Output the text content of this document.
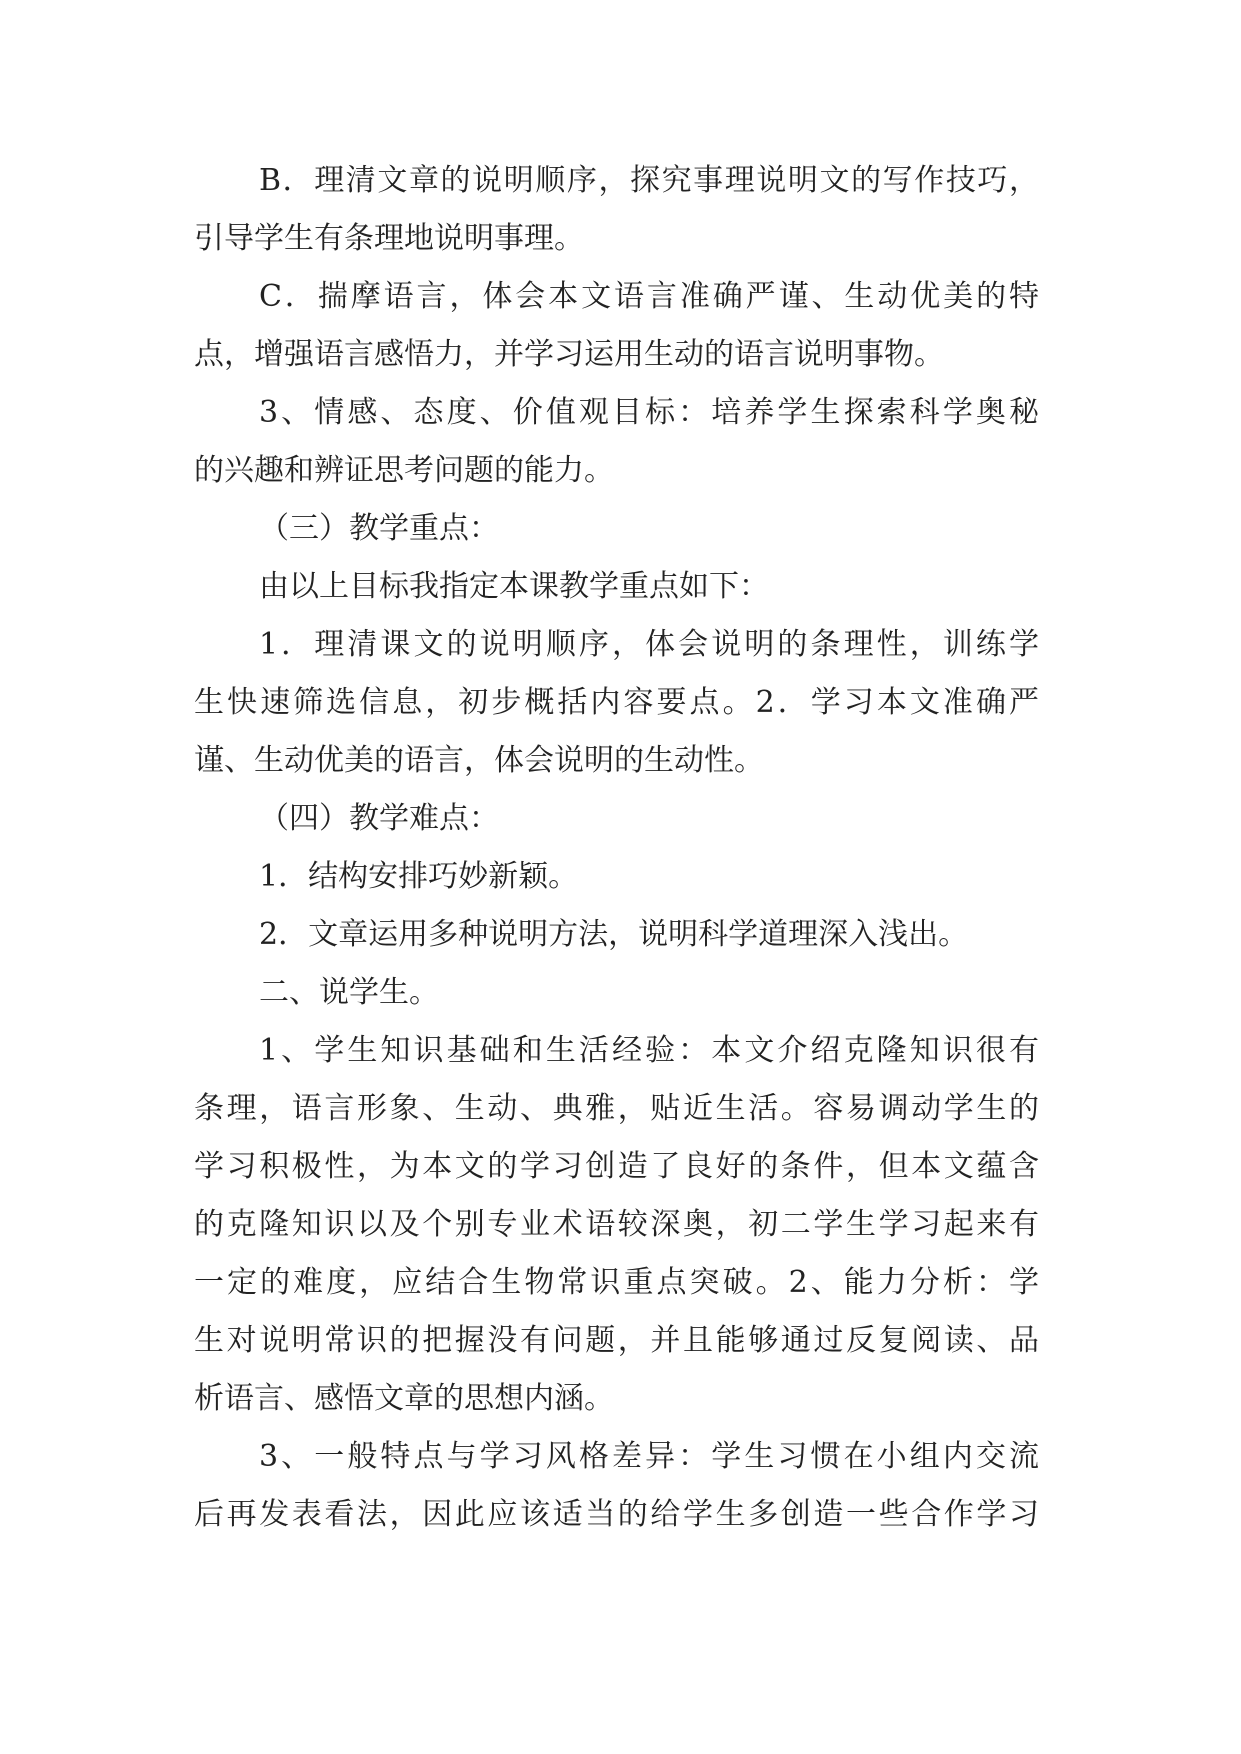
B．理清文章的说明顺序，探究事理说明文的写作技巧，
引导学生有条理地说明事理。
C．揣摩语言，体会本文语言准确严谨、生动优美的特
点，增强语言感悟力，并学习运用生动的语言说明事物。
3、情感、态度、价值观目标：培养学生探索科学奥秘
的兴趣和辨证思考问题的能力。
（三）教学重点：
由以上目标我指定本课教学重点如下：
1．理清课文的说明顺序，体会说明的条理性，训练学
生快速筛选信息，初步概括内容要点。2．学习本文准确严
谨、生动优美的语言，体会说明的生动性。
（四）教学难点：
1．结构安排巧妙新颖。
2．文章运用多种说明方法，说明科学道理深入浅出。
二、说学生。
1、学生知识基础和生活经验：本文介绍克隆知识很有
条理，语言形象、生动、典雅，贴近生活。容易调动学生的
学习积极性，为本文的学习创造了良好的条件，但本文蕴含
的克隆知识以及个别专业术语较深奥，初二学生学习起来有
一定的难度，应结合生物常识重点突破。2、能力分析：学
生对说明常识的把握没有问题，并且能够通过反复阅读、品
析语言、感悟文章的思想内涵。
3、一般特点与学习风格差异：学生习惯在小组内交流
后再发表看法，因此应该适当的给学生多创造一些合作学习
